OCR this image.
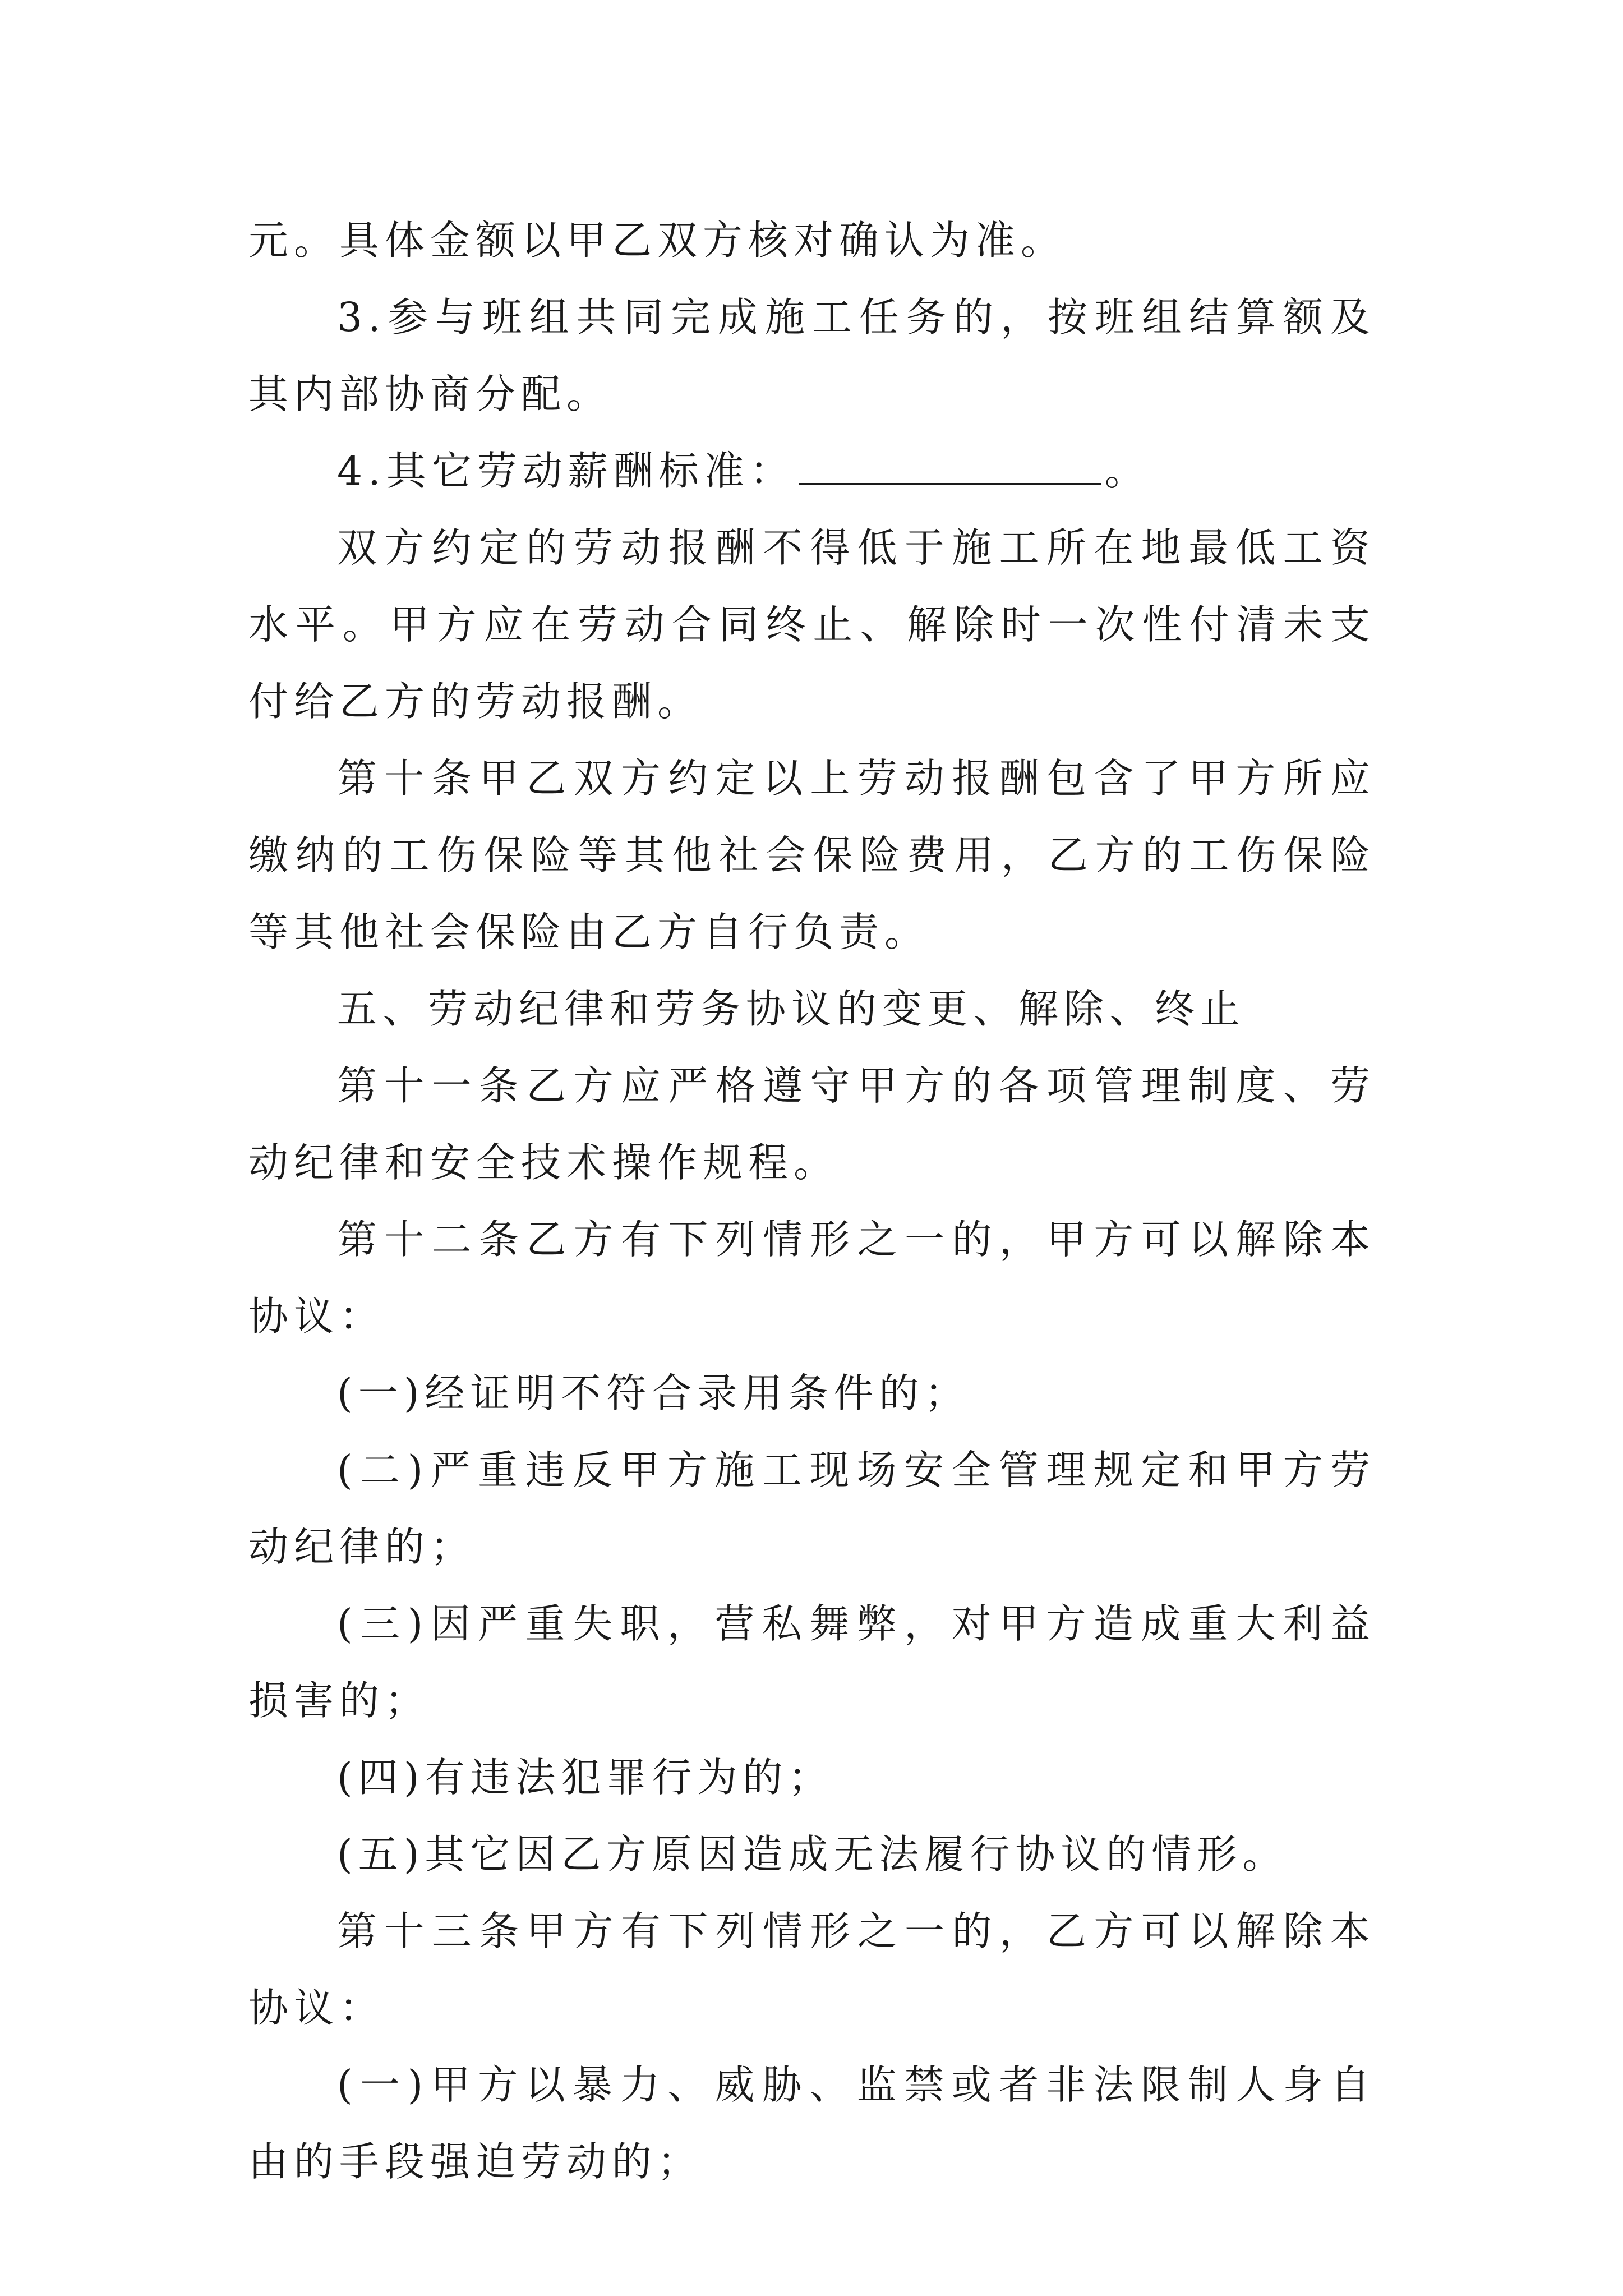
元。具体金额以甲乙双方核对确认为准。

3.参与班组共同完成施工任务的，按班组结算额及其内部协商分配。

4.其它劳动薪酬标准：	。

双方约定的劳动报酬不得低于施工所在地最低工资水平。甲方应在劳动合同终止、解除时一次性付清未支付给乙方的劳动报酬。

第十条甲乙双方约定以上劳动报酬包含了甲方所应缴纳的工伤保险等其他社会保险费用，乙方的工伤保险等其他社会保险由乙方自行负责。

五、劳动纪律和劳务协议的变更、解除、终止

第十一条乙方应严格遵守甲方的各项管理制度、劳动纪律和安全技术操作规程。

第十二条乙方有下列情形之一的，甲方可以解除本协议：

(一)经证明不符合录用条件的；

(二)严重违反甲方施工现场安全管理规定和甲方劳动纪律的；

(三)因严重失职，营私舞弊，对甲方造成重大利益损害的；

(四)有违法犯罪行为的；

(五)其它因乙方原因造成无法履行协议的情形。

第十三条甲方有下列情形之一的，乙方可以解除本协议：

(一)甲方以暴力、威胁、监禁或者非法限制人身自由的手段强迫劳动的；
